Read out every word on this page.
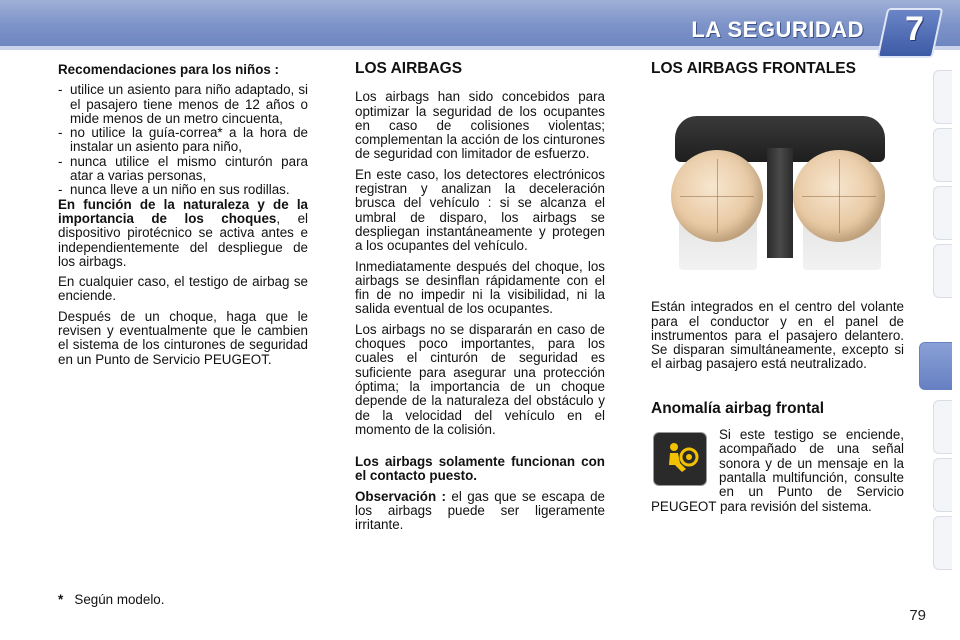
LA SEGURIDAD 7
Recomendaciones para los niños :
- utilice un asiento para niño adaptado, si el pasajero tiene menos de 12 años o mide menos de un metro cincuenta,
- no utilice la guía-correa* a la hora de instalar un asiento para niño,
- nunca utilice el mismo cinturón para atar a varias personas,
- nunca lleve a un niño en sus rodillas.

En función de la naturaleza y de la importancia de los choques, el dispositivo pirotécnico se activa antes e independientemente del despliegue de los airbags.

En cualquier caso, el testigo de airbag se enciende.

Después de un choque, haga que le revisen y eventualmente que le cambien el sistema de los cinturones de seguridad en un Punto de Servicio PEUGEOT.

LOS AIRBAGS

Los airbags han sido concebidos para optimizar la seguridad de los ocupantes en caso de colisiones violentas; complementan la acción de los cinturones de seguridad con limitador de esfuerzo.

En este caso, los detectores electrónicos registran y analizan la deceleración brusca del vehículo : si se alcanza el umbral de disparo, los airbags se despliegan instantáneamente y protegen a los ocupantes del vehículo.

Inmediatamente después del choque, los airbags se desinflan rápidamente con el fin de no impedir ni la visibilidad, ni la salida eventual de los ocupantes.

Los airbags no se dispararán en caso de choques poco importantes, para los cuales el cinturón de seguridad es suficiente para asegurar una protección óptima; la importancia de un choque depende de la naturaleza del obstáculo y de la velocidad del vehículo en el momento de la colisión.

Los airbags solamente funcionan con el contacto puesto.

Observación : el gas que se escapa de los airbags puede ser ligeramente irritante.

LOS AIRBAGS FRONTALES

Están integrados en el centro del volante para el conductor y en el panel de instrumentos para el pasajero delantero. Se disparan simultáneamente, excepto si el airbag pasajero está neutralizado.

Anomalía airbag frontal

Si este testigo se enciende, acompañado de una señal sonora y de un mensaje en la pantalla multifunción, consulte en un Punto de Servicio PEUGEOT para revisión del sistema.

* Según modelo.
79
